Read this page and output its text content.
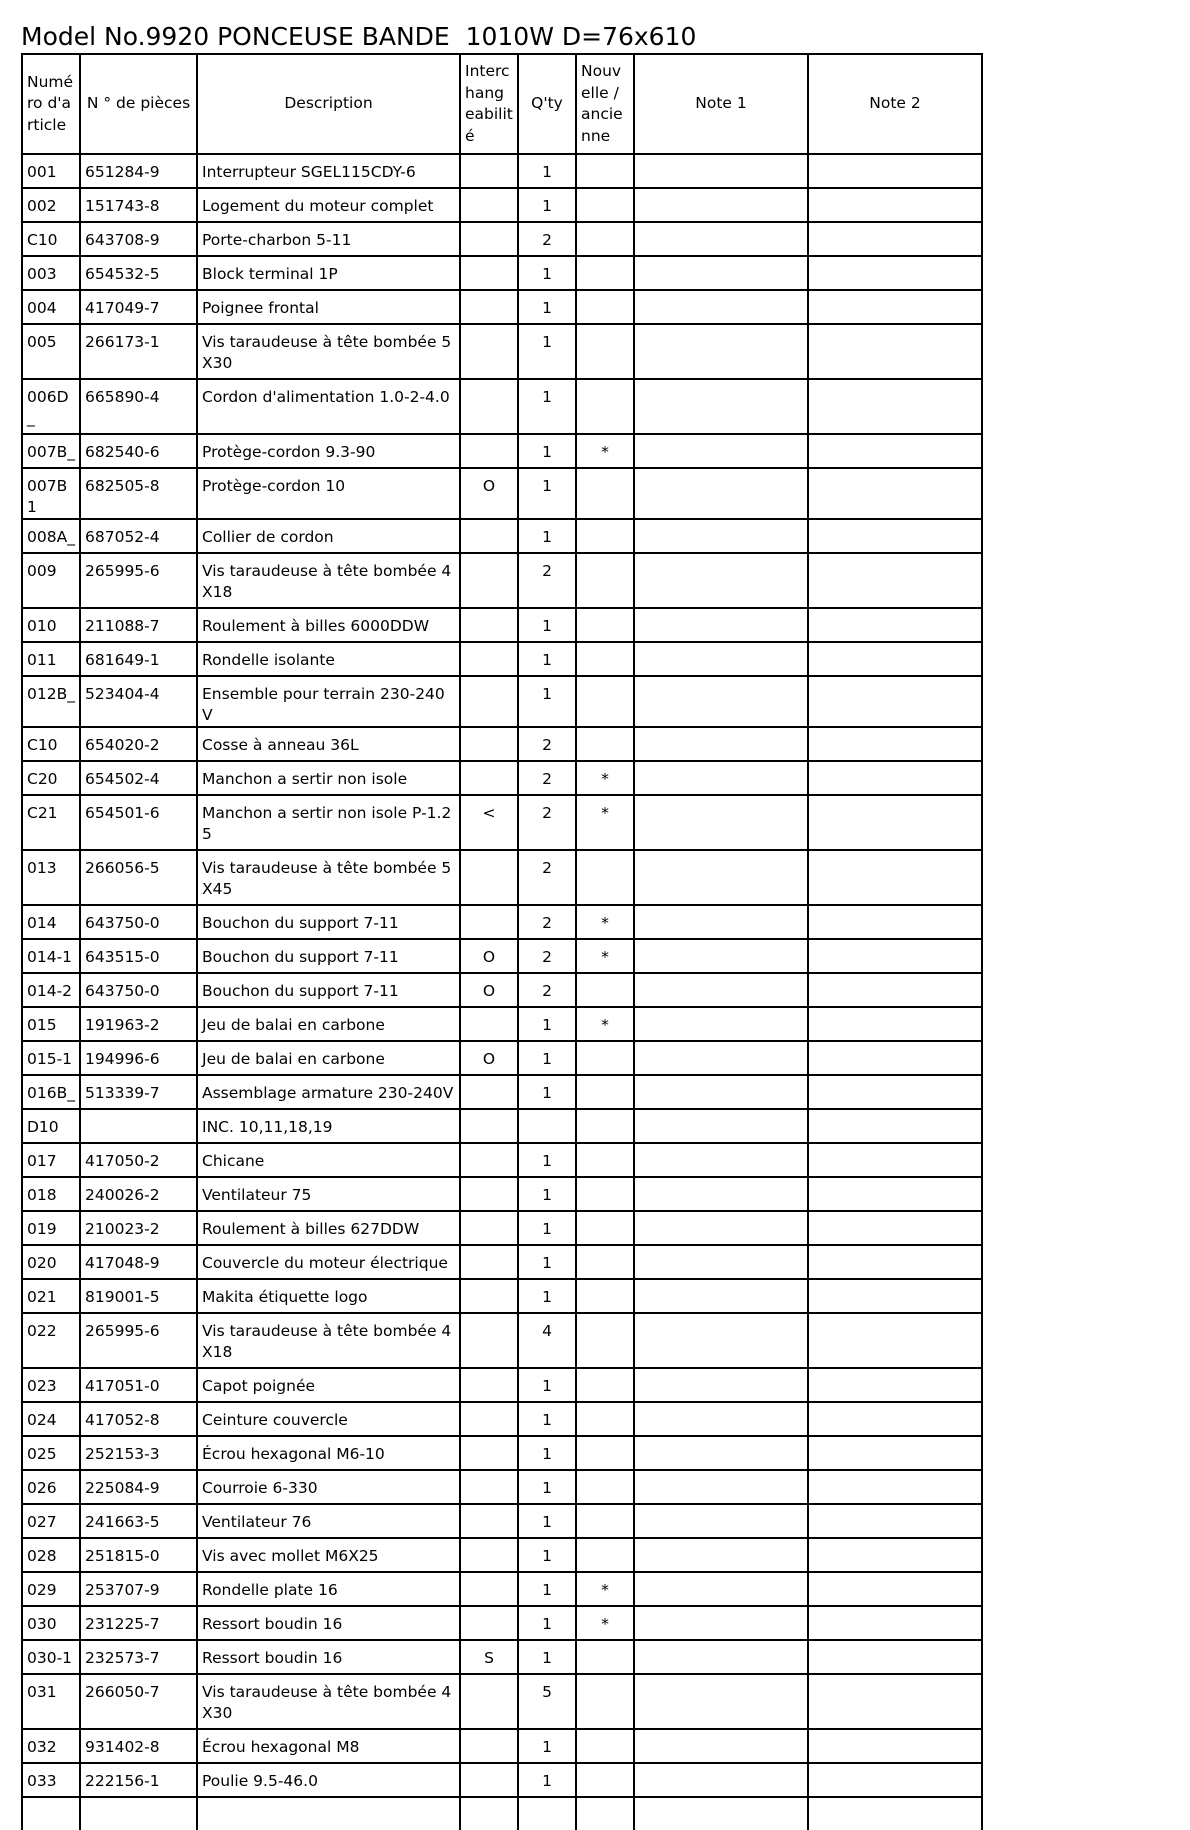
Model No.9920 PONCEUSE BANDE  1010W D=76x610
Numéro d'article	N ° de pièces	Description	Interchangeabilité	Q'ty	Nouvelle / ancienne	Note 1	Note 2
001	651284-9	Interrupteur SGEL115CDY-6		1			
002	151743-8	Logement du moteur complet		1			
C10	643708-9	Porte-charbon 5-11		2			
003	654532-5	Block terminal 1P		1			
004	417049-7	Poignee frontal		1			
005	266173-1	Vis taraudeuse à tête bombée 5X30		1			
006D_	665890-4	Cordon d'alimentation 1.0-2-4.0		1			
007B_	682540-6	Protège-cordon 9.3-90		1	*		
007B1	682505-8	Protège-cordon 10	O	1			
008A_	687052-4	Collier de cordon		1			
009	265995-6	Vis taraudeuse à tête bombée 4X18		2			
010	211088-7	Roulement à billes 6000DDW		1			
011	681649-1	Rondelle isolante		1			
012B_	523404-4	Ensemble pour terrain 230-240V		1			
C10	654020-2	Cosse à anneau 36L		2			
C20	654502-4	Manchon a sertir non isole		2	*		
C21	654501-6	Manchon a sertir non isole P-1.25	<	2	*		
013	266056-5	Vis taraudeuse à tête bombée 5X45		2			
014	643750-0	Bouchon du support 7-11		2	*		
014-1	643515-0	Bouchon du support 7-11	O	2	*		
014-2	643750-0	Bouchon du support 7-11	O	2			
015	191963-2	Jeu de balai en carbone		1	*		
015-1	194996-6	Jeu de balai en carbone	O	1			
016B_	513339-7	Assemblage armature 230-240V		1			
D10		INC. 10,11,18,19					
017	417050-2	Chicane		1			
018	240026-2	Ventilateur 75		1			
019	210023-2	Roulement à billes 627DDW		1			
020	417048-9	Couvercle du moteur électrique		1			
021	819001-5	Makita étiquette logo		1			
022	265995-6	Vis taraudeuse à tête bombée 4X18		4			
023	417051-0	Capot poignée		1			
024	417052-8	Ceinture couvercle		1			
025	252153-3	Écrou hexagonal M6-10		1			
026	225084-9	Courroie 6-330		1			
027	241663-5	Ventilateur 76		1			
028	251815-0	Vis avec mollet M6X25		1			
029	253707-9	Rondelle plate 16		1	*		
030	231225-7	Ressort boudin 16		1	*		
030-1	232573-7	Ressort boudin 16	S	1			
031	266050-7	Vis taraudeuse à tête bombée 4X30		5			
032	931402-8	Écrou hexagonal M8		1			
033	222156-1	Poulie 9.5-46.0		1			
